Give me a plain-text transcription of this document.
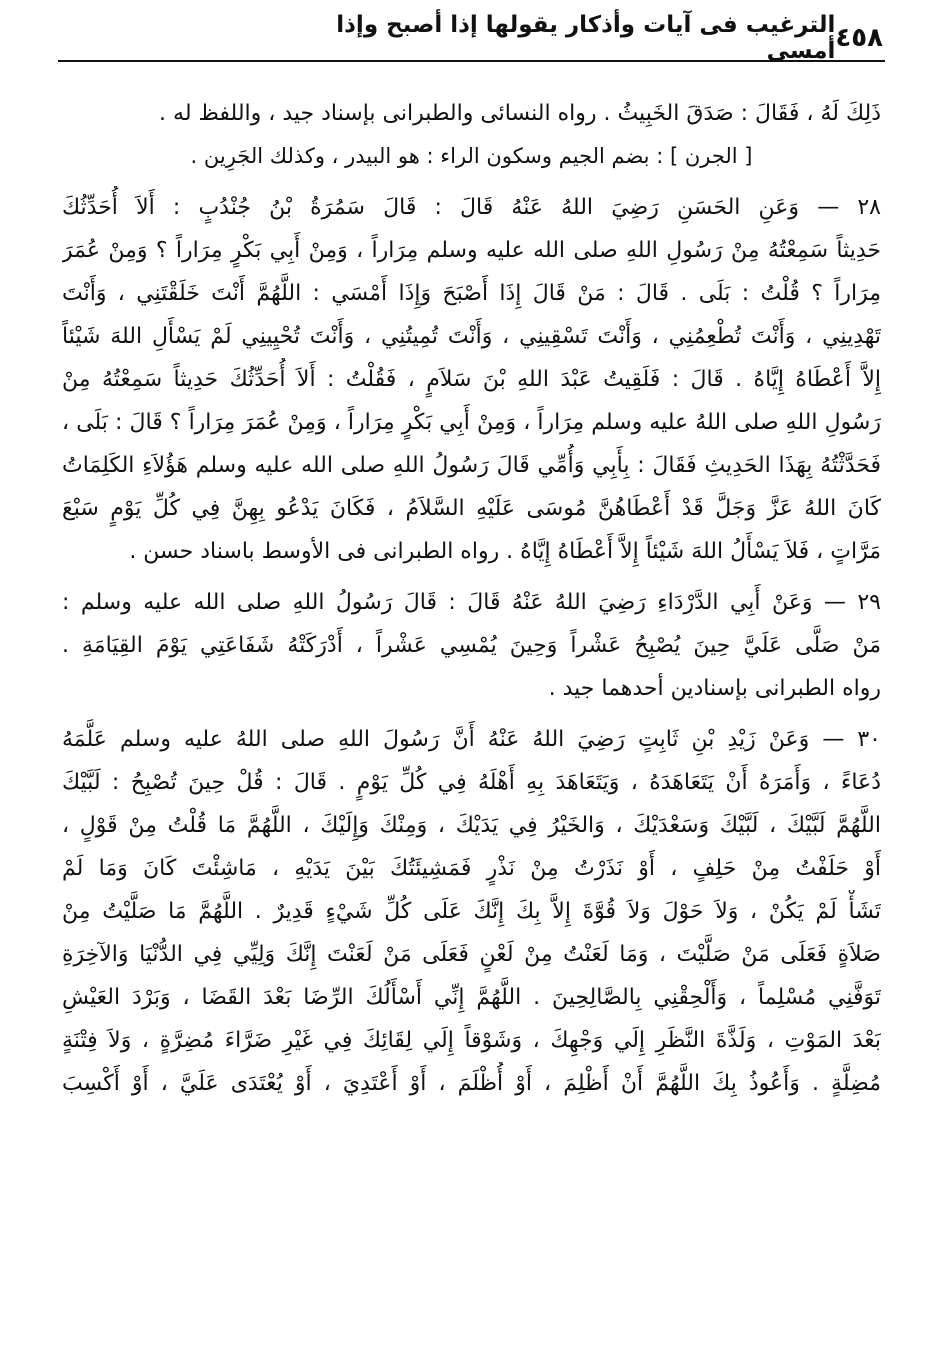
٤٥٨
الترغيب فى آيات وأذكار يقولها إذا أصبح وإذا أمسى
ذَلِكَ لَهُ ، فَقَالَ : صَدَقَ الخَبِيثُ . رواه النسائى والطبرانى بإسناد جيد ، واللفظ له .
[ الجرن ] : بضم الجيم وسكون الراء : هو البيدر ، وكذلك الجَرِين .
٢٨ — وَعَنِ الحَسَنِ رَضِيَ اللهُ عَنْهُ قَالَ : قَالَ سَمُرَةُ بْنُ جُنْدُبٍ : أَلاَ أُحَدِّثُكَ
حَدِيثاً سَمِعْتُهُ مِنْ رَسُولِ اللهِ صلى الله عليه وسلم مِرَاراً ، وَمِنْ أَبِي بَكْرٍ مِرَاراً ؟ وَمِنْ عُمَرَ
مِرَاراً ؟ قُلْتُ : بَلَى . قَالَ : مَنْ قَالَ إِذَا أَصْبَحَ وَإِذَا أَمْسَي : اللَّهُمَّ أَنْتَ خَلَقْتَنِي ، وَأَنْتَ
تَهْدِينِي ، وَأَنْتَ تُطْعِمُنِي ، وَأَنْتَ تَسْقِينِي ، وَأَنْتَ تُمِيتُنِي ، وَأَنْتَ تُحْيِينِي لَمْ يَسْأَلِ اللهَ شَيْئاً
إِلاَّ أَعْطَاهُ إِيَّاهُ . قَالَ : فَلَقِيتُ عَبْدَ اللهِ بْنَ سَلاَمٍ ، فَقُلْتُ : أَلاَ أُحَدِّثُكَ حَدِيثاً سَمِعْتُهُ مِنْ
رَسُولِ اللهِ صلى اللهُ عليه وسلم مِرَاراً ، وَمِنْ أَبِي بَكْرٍ مِرَاراً ، وَمِنْ عُمَرَ مِرَاراً ؟ قَالَ : بَلَى ،
فَحَدَّثْتُهُ بِهَذَا الحَدِيثِ فَقَالَ : بِأَبِي وَأُمِّي قَالَ رَسُولُ اللهِ صلى الله عليه وسلم هَؤُلاَءِ الكَلِمَاتُ
كَانَ اللهُ عَزَّ وَجَلَّ قَدْ أَعْطَاهُنَّ مُوسَى عَلَيْهِ السَّلاَمُ ، فَكَانَ يَدْعُو بِهِنَّ فِي كُلِّ يَوْمٍ سَبْعَ
مَرَّاتٍ ، فَلاَ يَسْأَلُ اللهَ شَيْئاً إِلاَّ أَعْطَاهُ إِيَّاهُ . رواه الطبرانى فى الأوسط باسناد حسن .
٢٩ — وَعَنْ أَبِي الدَّرْدَاءِ رَضِيَ اللهُ عَنْهُ قَالَ : قَالَ رَسُولُ اللهِ صلى الله عليه وسلم :
مَنْ صَلَّى عَلَيَّ حِينَ يُصْبِحُ عَشْراً وَحِينَ يُمْسِي عَشْراً ، أَدْرَكَتْهُ شَفَاعَتِي يَوْمَ القِيَامَةِ .
رواه الطبرانى بإسنادين أحدهما جيد .
٣٠ — وَعَنْ زَيْدِ بْنِ ثَابِتٍ رَضِيَ اللهُ عَنْهُ أَنَّ رَسُولَ اللهِ صلى اللهُ عليه وسلم عَلَّمَهُ
دُعَاءً ، وَأَمَرَهُ أَنْ يَتَعَاهَدَهُ ، وَيَتَعَاهَدَ بِهِ أَهْلَهُ فِي كُلِّ يَوْمٍ . قَالَ : قُلْ حِينَ تُصْبِحُ : لَبَّيْكَ
اللَّهُمَّ لَبَّيْكَ ، لَبَّيْكَ وَسَعْدَيْكَ ، وَالخَيْرُ فِي يَدَيْكَ ، وَمِنْكَ وَإِلَيْكَ ، اللَّهُمَّ مَا قُلْتُ مِنْ قَوْلٍ ،
أَوْ حَلَفْتُ مِنْ حَلِفٍ ، أَوْ نَذَرْتُ مِنْ نَذْرٍ فَمَشِيئَتُكَ بَيْنَ يَدَيْهِ ، مَاشِئْتَ كَانَ وَمَا لَمْ
تَشَأْ لَمْ يَكُنْ ، وَلاَ حَوْلَ وَلاَ قُوَّةَ إِلاَّ بِكَ إِنَّكَ عَلَى كُلِّ شَيْءٍ قَدِيرٌ . اللَّهُمَّ مَا صَلَّيْتُ مِنْ
صَلاَةٍ فَعَلَى مَنْ صَلَّيْتَ ، وَمَا لَعَنْتُ مِنْ لَعْنٍ فَعَلَى مَنْ لَعَنْتَ إِنَّكَ وَلِيِّي فِي الدُّنْيَا وَالآخِرَةِ
تَوَفَّنِي مُسْلِماً ، وَأَلْحِقْنِي بِالصَّالِحِينَ . اللَّهُمَّ إِنِّي أَسْأَلُكَ الرِّضَا بَعْدَ القَضَا ، وَبَرْدَ العَيْشِ
بَعْدَ المَوْتِ ، وَلَذَّةَ النَّظَرِ إِلَي وَجْهِكَ ، وَشَوْقاً إِلَي لِقَائِكَ فِي غَيْرِ ضَرَّاءَ مُضِرَّةٍ ، وَلاَ فِتْنَةٍ
مُضِلَّةٍ . وَأَعُوذُ بِكَ اللَّهُمَّ أَنْ أَظْلِمَ ، أَوْ أُظْلَمَ ، أَوْ أَعْتَدِيَ ، أَوْ يُعْتَدَى عَلَيَّ ، أَوْ أَكْسِبَ
